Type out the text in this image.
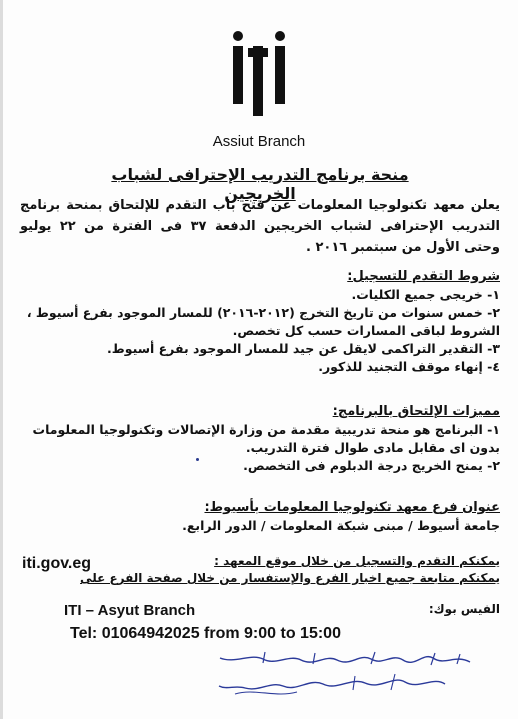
Assiut Branch
منحة برنامج التدريب الإحترافى لشباب الخريجين
يعلن معهد تكنولوجيا المعلومات عن فتح باب التقدم للإلتحاق بمنحة برنامج التدريب الإحترافى لشباب الخريجين الدفعة ٣٧ فى الفترة من ٢٢ يوليو وحتى الأول من سبتمبر ٢٠١٦ .

شروط التقدم للتسجيل:

١- خريجى جميع الكليات.

٢- خمس سنوات من تاريخ التخرج (٢٠١٢-٢٠١٦) للمسار الموجود بفرع أسيوط ، الشروط لباقى المسارات حسب كل تخصص.

٣- التقدير التراكمى لايقل عن جيد للمسار الموجود بفرع أسيوط.

٤- إنهاء موقف التجنيد للذكور.

مميزات الإلتحاق بالبرنامج:

١- البرنامج هو منحة تدريبية مقدمة من وزارة الإتصالات وتكنولوجيا المعلومات بدون اى مقابل مادى طوال فترة التدريب.

٢- يمنح الخريج درجة الدبلوم فى التخصص.

عنوان فرع معهد تكنولوجيا المعلومات بأسيوط:

جامعة أسيوط / مبنى شبكة المعلومات / الدور الرابع.

iti.gov.eg	يمكنكم التقدم والتسجيل من خلال موقع المعهد :
يمكنكم متابعة جميع اخبار الفرع والإستفسار من خلال صفحة الفرع على
الفيس بوك:
ITI – Asyut Branch
Tel: 01064942025 from 9:00 to 15:00
